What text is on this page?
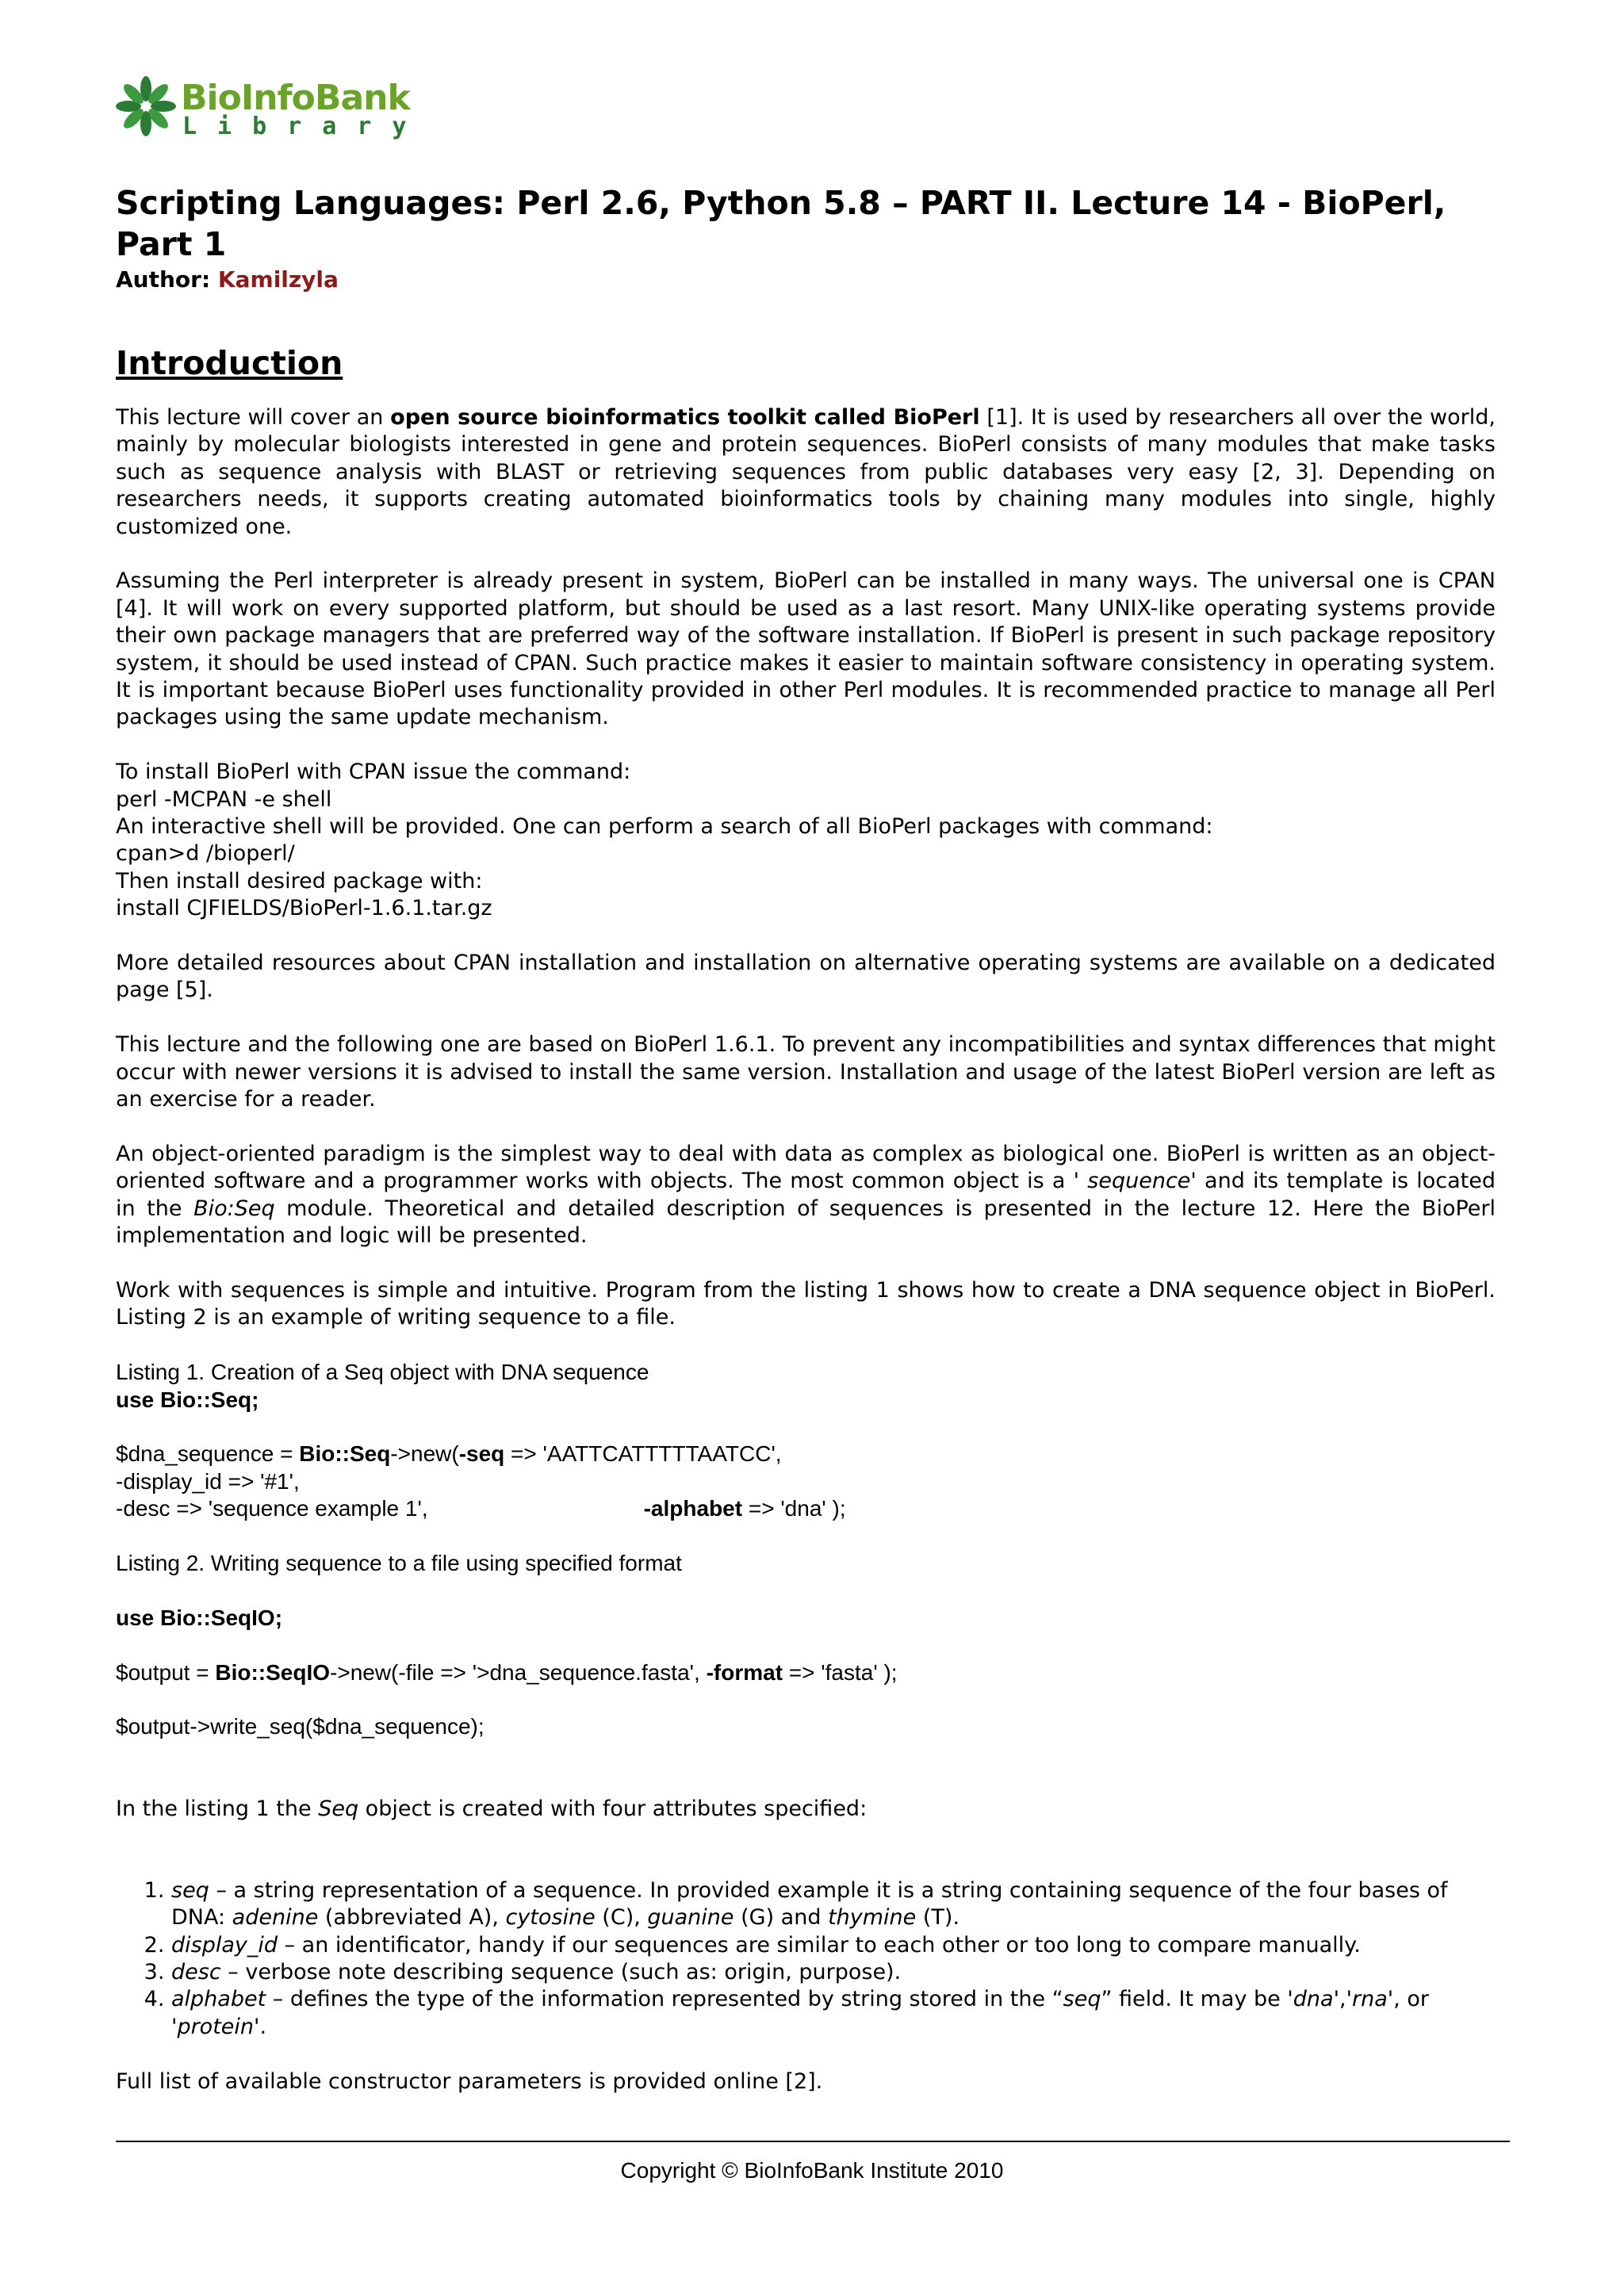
BioInfoBank
Library
Scripting Languages: Perl 2.6, Python 5.8 – PART II. Lecture 14 - BioPerl, Part 1
Author: Kamilzyla
Introduction

This lecture will cover an open source bioinformatics toolkit called BioPerl [1]. It is used by researchers all over the world, mainly by molecular biologists interested in gene and protein sequences. BioPerl consists of many modules that make tasks such as sequence analysis with BLAST or retrieving sequences from public databases very easy [2, 3]. Depending on researchers needs, it supports creating automated bioinformatics tools by chaining many modules into single, highly customized one.

Assuming the Perl interpreter is already present in system, BioPerl can be installed in many ways. The universal one is CPAN [4]. It will work on every supported platform, but should be used as a last resort. Many UNIX-like operating systems provide their own package managers that are preferred way of the software installation. If BioPerl is present in such package repository system, it should be used instead of CPAN. Such practice makes it easier to maintain software consistency in operating system. It is important because BioPerl uses functionality provided in other Perl modules. It is recommended practice to manage all Perl packages using the same update mechanism.

To install BioPerl with CPAN issue the command:
perl -MCPAN -e shell
An interactive shell will be provided. One can perform a search of all BioPerl packages with command:
cpan>d /bioperl/
Then install desired package with:
install CJFIELDS/BioPerl-1.6.1.tar.gz

More detailed resources about CPAN installation and installation on alternative operating systems are available on a dedicated page [5].

This lecture and the following one are based on BioPerl 1.6.1. To prevent any incompatibilities and syntax differences that might occur with newer versions it is advised to install the same version. Installation and usage of the latest BioPerl version are left as an exercise for a reader.

An object-oriented paradigm is the simplest way to deal with data as complex as biological one. BioPerl is written as an object-oriented software and a programmer works with objects. The most common object is a ' sequence' and its template is located in the Bio:Seq module. Theoretical and detailed description of sequences is presented in the lecture 12. Here the BioPerl implementation and logic will be presented.

Work with sequences is simple and intuitive. Program from the listing 1 shows how to create a DNA sequence object in BioPerl. Listing 2 is an example of writing sequence to a file.

Listing 1. Creation of a Seq object with DNA sequence
use Bio::Seq;
$dna_sequence = Bio::Seq->new(-seq => 'AATTCATTTTTAATCC',
-display_id => '#1',
-desc => 'sequence example 1',	-alphabet => 'dna' );
Listing 2. Writing sequence to a file using specified format
use Bio::SeqIO;
$output = Bio::SeqIO->new(-file => '>dna_sequence.fasta', -format => 'fasta' );
$output->write_seq($dna_sequence);

In the listing 1 the Seq object is created with four attributes specified:

1. seq – a string representation of a sequence. In provided example it is a string containing sequence of the four bases of DNA: adenine (abbreviated A), cytosine (C), guanine (G) and thymine (T).
2. display_id – an identificator, handy if our sequences are similar to each other or too long to compare manually.
3. desc – verbose note describing sequence (such as: origin, purpose).
4. alphabet – defines the type of the information represented by string stored in the “seq” field. It may be 'dna','rna', or 'protein'.

Full list of available constructor parameters is provided online [2].

Copyright © BioInfoBank Institute 2010
